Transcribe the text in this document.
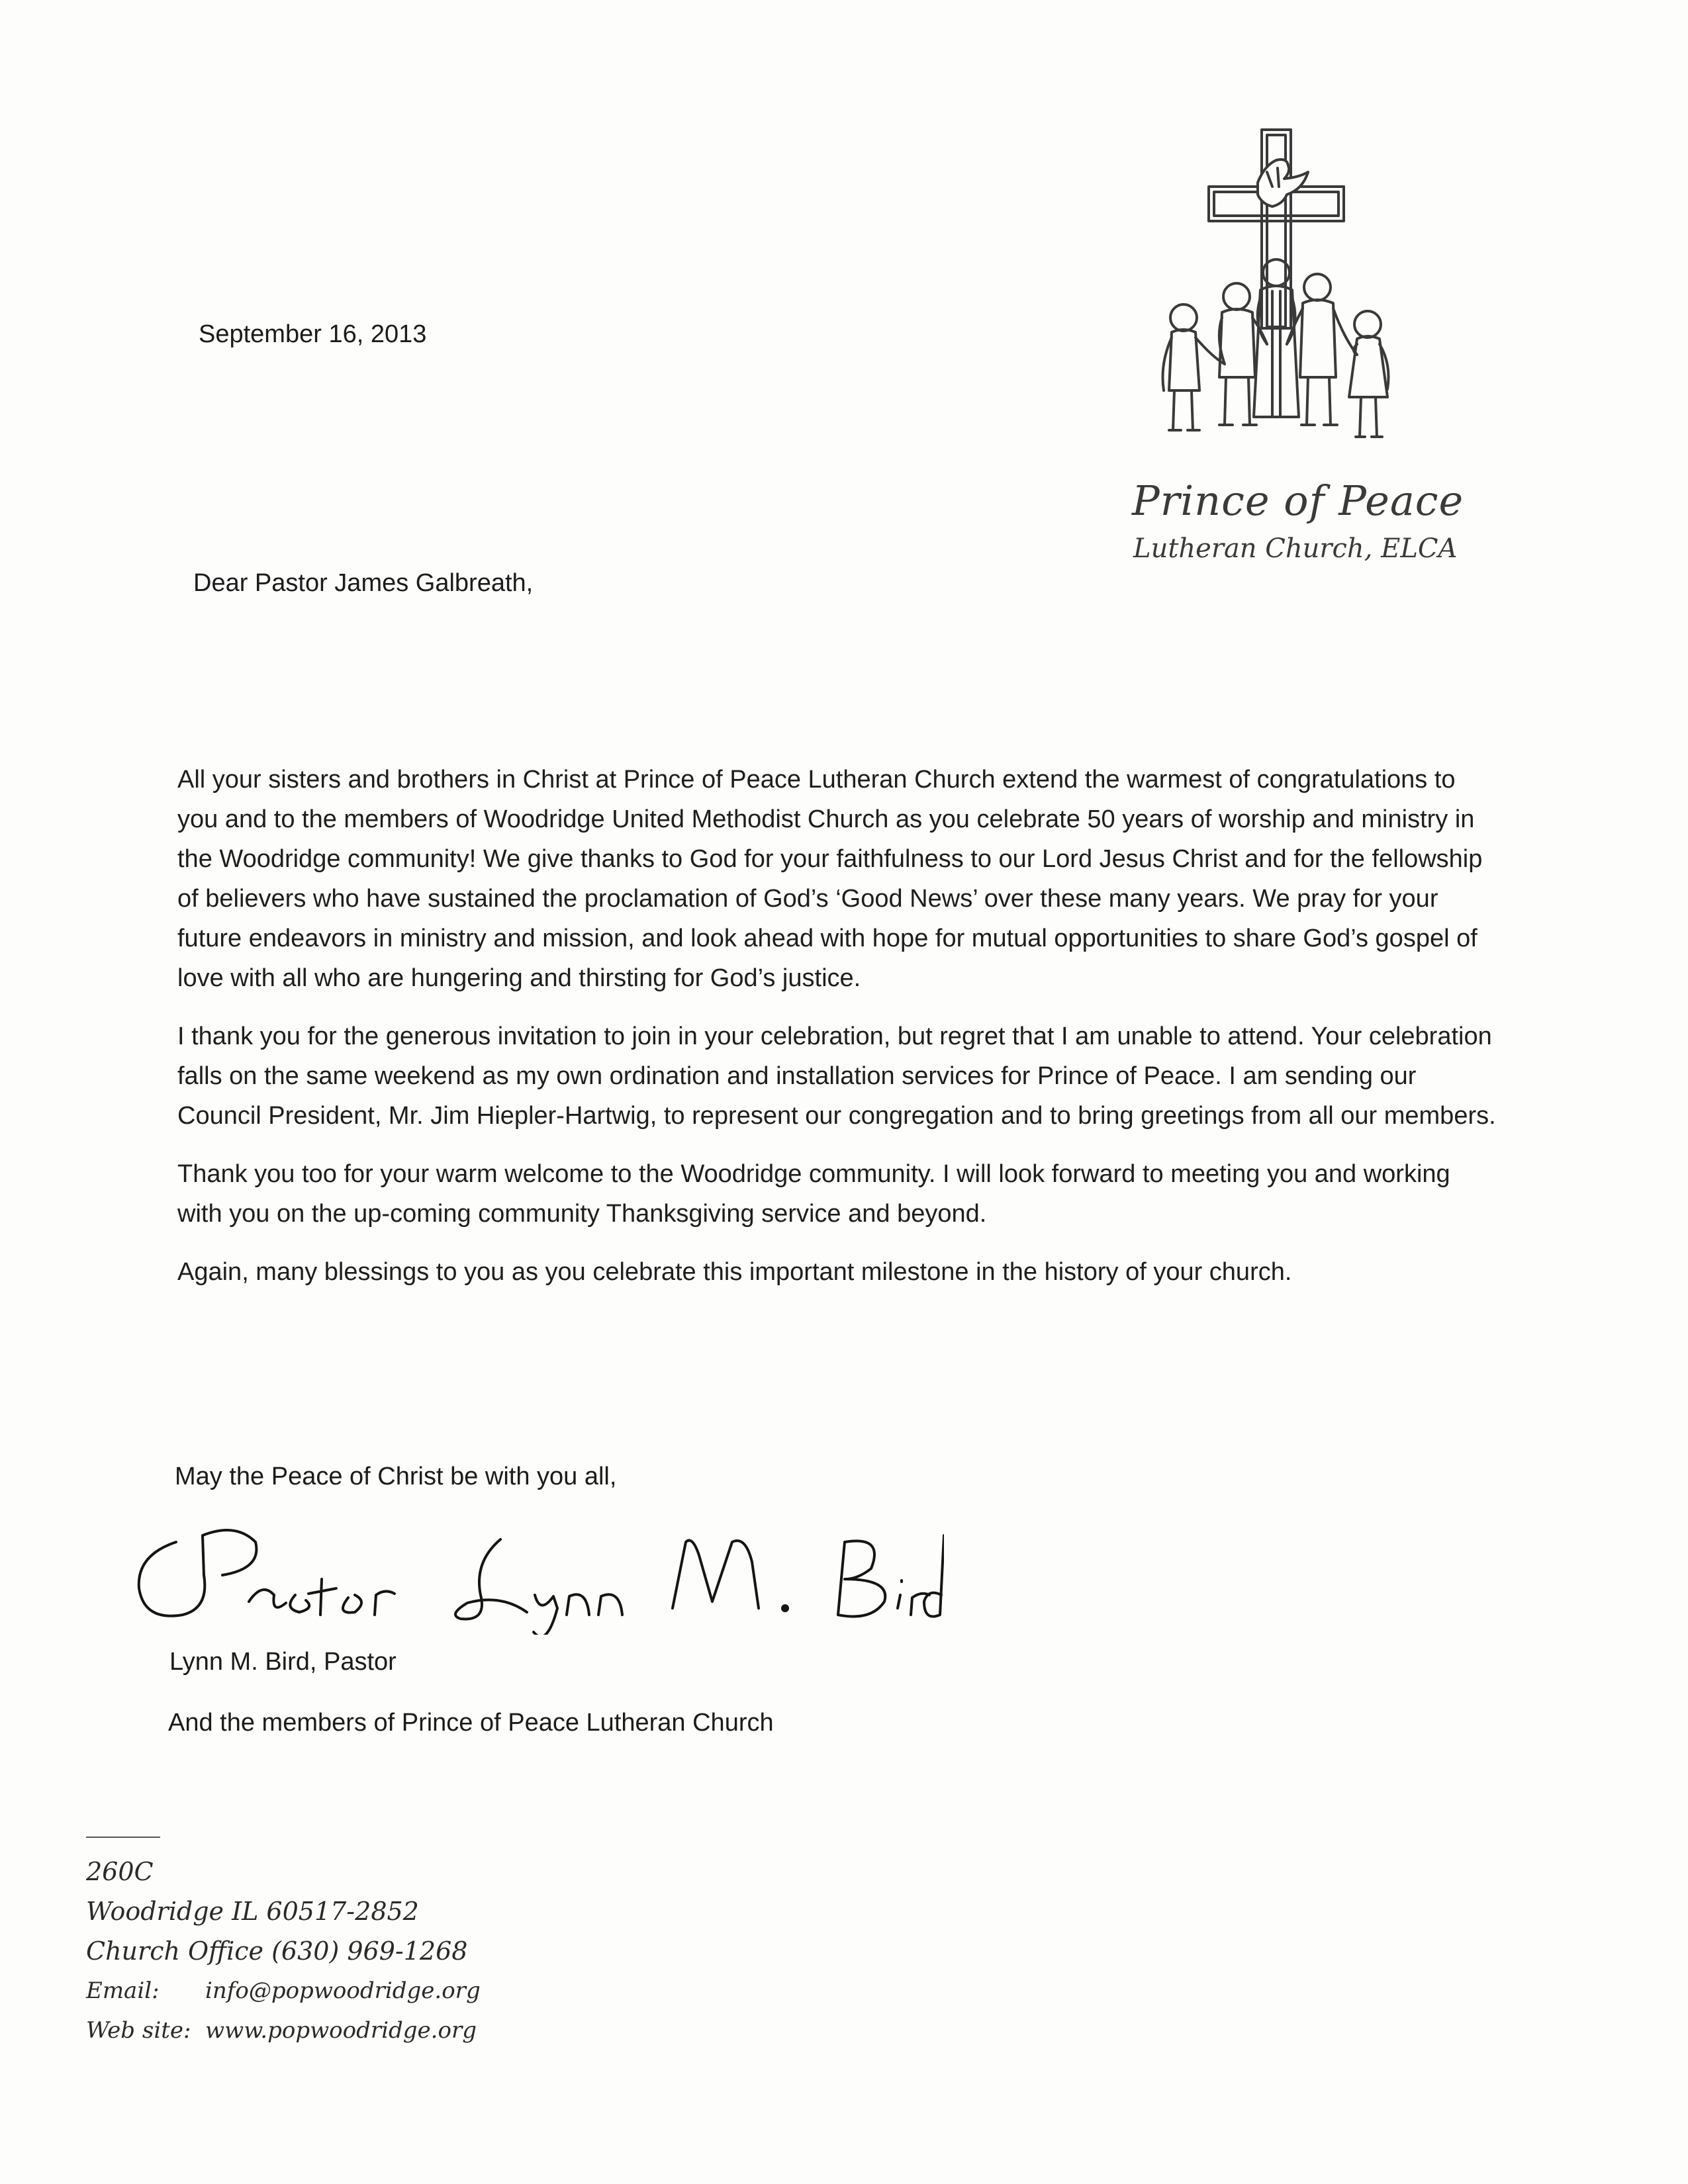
Prince of Peace
Lutheran Church, ELCA
September 16, 2013
Dear Pastor James Galbreath,

All your sisters and brothers in Christ at Prince of Peace Lutheran Church extend the warmest of congratulations to you and to the members of Woodridge United Methodist Church as you celebrate 50 years of worship and ministry in the Woodridge community! We give thanks to God for your faithfulness to our Lord Jesus Christ and for the fellowship of believers who have sustained the proclamation of God’s ‘Good News’ over these many years. We pray for your future endeavors in ministry and mission, and look ahead with hope for mutual opportunities to share God’s gospel of love with all who are hungering and thirsting for God’s justice.

I thank you for the generous invitation to join in your celebration, but regret that I am unable to attend. Your celebration falls on the same weekend as my own ordination and installation services for Prince of Peace. I am sending our Council President, Mr. Jim Hiepler-Hartwig, to represent our congregation and to bring greetings from all our members.

Thank you too for your warm welcome to the Woodridge community. I will look forward to meeting you and working with you on the up-coming community Thanksgiving service and beyond.

Again, many blessings to you as you celebrate this important milestone in the history of your church.

May the Peace of Christ be with you all,
Lynn M. Bird, Pastor
And the members of Prince of Peace Lutheran Church
260C
Woodridge IL 60517-2852
Church Office (630) 969-1268
Email: info@popwoodridge.org
Web site: www.popwoodridge.org
